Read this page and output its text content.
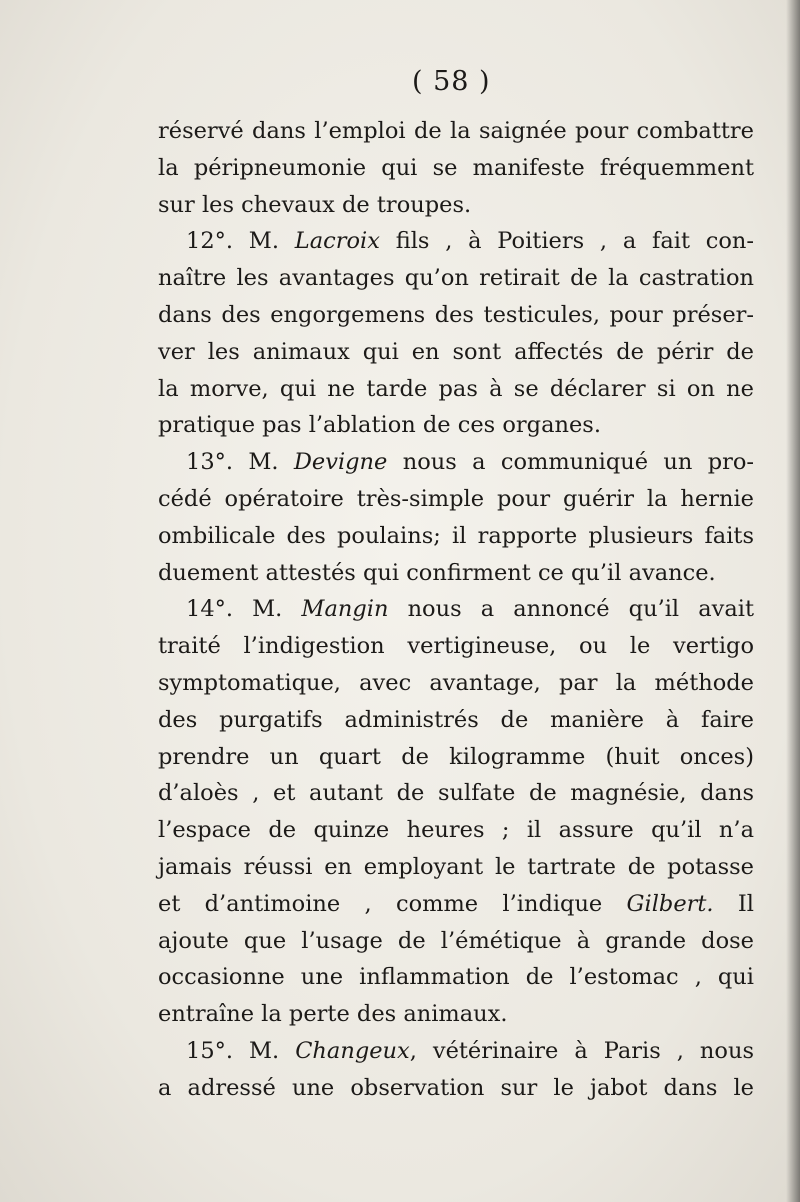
( 58 )
réservé dans l’emploi de la saignée pour combattre
la péripneumonie qui se manifeste fréquemment
sur les chevaux de troupes.
12°. M. Lacroix fils , à Poitiers , a fait con-
naître les avantages qu’on retirait de la castration
dans des engorgemens des testicules, pour préser-
ver les animaux qui en sont affectés de périr de
la morve, qui ne tarde pas à se déclarer si on ne
pratique pas l’ablation de ces organes.
13°. M. Devigne nous a communiqué un pro-
cédé opératoire très-simple pour guérir la hernie
ombilicale des poulains; il rapporte plusieurs faits
duement attestés qui confirment ce qu’il avance.
14°. M. Mangin nous a annoncé qu’il avait
traité l’indigestion vertigineuse, ou le vertigo
symptomatique, avec avantage, par la méthode
des purgatifs administrés de manière à faire
prendre un quart de kilogramme (huit onces)
d’aloès , et autant de sulfate de magnésie, dans
l’espace de quinze heures ; il assure qu’il n’a
jamais réussi en employant le tartrate de potasse
et d’antimoine , comme l’indique Gilbert. Il
ajoute que l’usage de l’émétique à grande dose
occasionne une inflammation de l’estomac , qui
entraîne la perte des animaux.
15°. M. Changeux, vétérinaire à Paris , nous
a adressé une observation sur le jabot dans le
